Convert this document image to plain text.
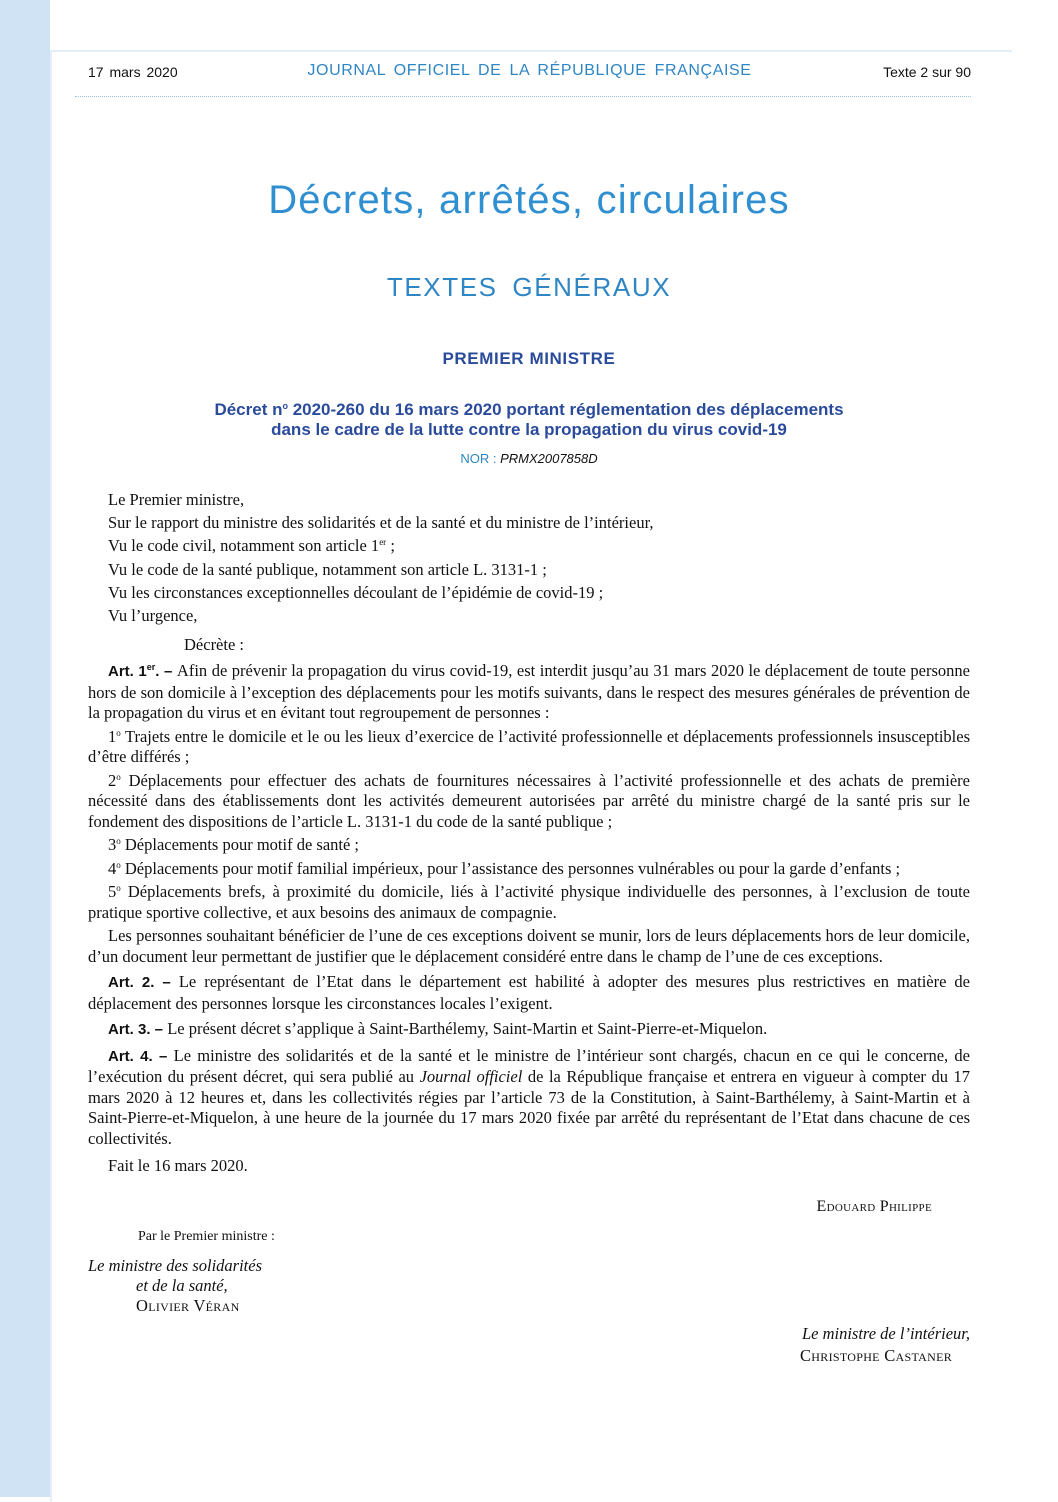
17 mars 2020	JOURNAL OFFICIEL DE LA RÉPUBLIQUE FRANÇAISE	Texte 2 sur 90
Décrets, arrêtés, circulaires
TEXTES GÉNÉRAUX
PREMIER MINISTRE
Décret $n^o$ 2020-260 du 16 mars 2020 portant réglementation des déplacements
dans le cadre de la lutte contre la propagation du virus covid-19
NOR : PRMX2007858D

Le Premier ministre,

Sur le rapport du ministre des solidarités et de la santé et du ministre de l’intérieur,

Vu le code civil, notamment son article 1er ;

Vu le code de la santé publique, notamment son article L. 3131-1 ;

Vu les circonstances exceptionnelles découlant de l’épidémie de covid-19 ;

Vu l’urgence,

Décrète :

Art. 1er. – Afin de prévenir la propagation du virus covid-19, est interdit jusqu’au 31 mars 2020 le déplacement de toute personne hors de son domicile à l’exception des déplacements pour les motifs suivants, dans le respect des mesures générales de prévention de la propagation du virus et en évitant tout regroupement de personnes :

1$^o$ Trajets entre le domicile et le ou les lieux d’exercice de l’activité professionnelle et déplacements professionnels insusceptibles d’être différés ;

2$^o$ Déplacements pour effectuer des achats de fournitures nécessaires à l’activité professionnelle et des achats de première nécessité dans des établissements dont les activités demeurent autorisées par arrêté du ministre chargé de la santé pris sur le fondement des dispositions de l’article L. 3131-1 du code de la santé publique ;

3$^o$ Déplacements pour motif de santé ;

4$^o$ Déplacements pour motif familial impérieux, pour l’assistance des personnes vulnérables ou pour la garde d’enfants ;

5$^o$ Déplacements brefs, à proximité du domicile, liés à l’activité physique individuelle des personnes, à l’exclusion de toute pratique sportive collective, et aux besoins des animaux de compagnie.

Les personnes souhaitant bénéficier de l’une de ces exceptions doivent se munir, lors de leurs déplacements hors de leur domicile, d’un document leur permettant de justifier que le déplacement considéré entre dans le champ de l’une de ces exceptions.

Art. 2. – Le représentant de l’Etat dans le département est habilité à adopter des mesures plus restrictives en matière de déplacement des personnes lorsque les circonstances locales l’exigent.

Art. 3. – Le présent décret s’applique à Saint-Barthélemy, Saint-Martin et Saint-Pierre-et-Miquelon.

Art. 4. – Le ministre des solidarités et de la santé et le ministre de l’intérieur sont chargés, chacun en ce qui le concerne, de l’exécution du présent décret, qui sera publié au Journal officiel de la République française et entrera en vigueur à compter du 17 mars 2020 à 12 heures et, dans les collectivités régies par l’article 73 de la Constitution, à Saint-Barthélemy, à Saint-Martin et à Saint-Pierre-et-Miquelon, à une heure de la journée du 17 mars 2020 fixée par arrêté du représentant de l’Etat dans chacune de ces collectivités.

Fait le 16 mars 2020.

Edouard Philippe
Par le Premier ministre :
Le ministre des solidarités
et de la santé,
Olivier Véran
Le ministre de l’intérieur,
Christophe Castaner
